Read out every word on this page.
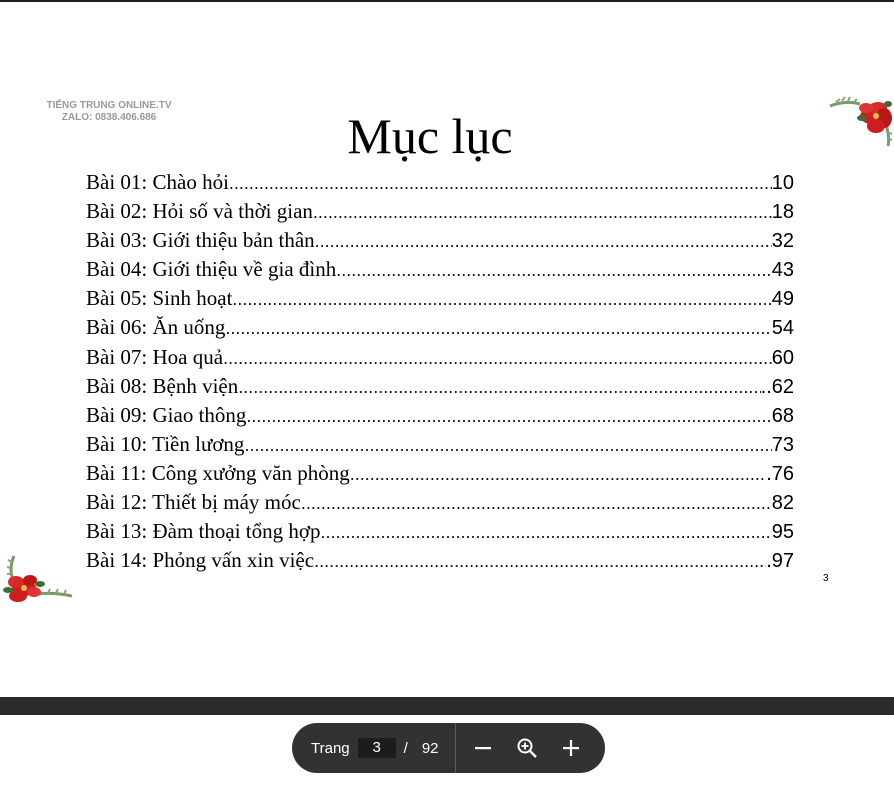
TIẾNG TRUNG ONLINE.TV
ZALO: 0838.406.686	Mục lục
Bài 01: Chào hỏi .....	10
Bài 02: Hỏi số và thời gian .....	18
Bài 03: Giới thiệu bản thân .....	32
Bài 04: Giới thiệu về gia đình .....	43
Bài 05: Sinh hoạt .....	49
Bài 06: Ăn uống .....	54
Bài 07: Hoa quả .....	60
Bài 08: Bệnh viện .....	..62
Bài 09: Giao thông .....	68
Bài 10: Tiền lương .....	73
Bài 11: Công xưởng văn phòng .....	.76
Bài 12: Thiết bị máy móc .....	82
Bài 13: Đàm thoại tổng hợp .....	95
Bài 14: Phỏng vấn xin việc .....	.97
3
Trang
3	/ 92
